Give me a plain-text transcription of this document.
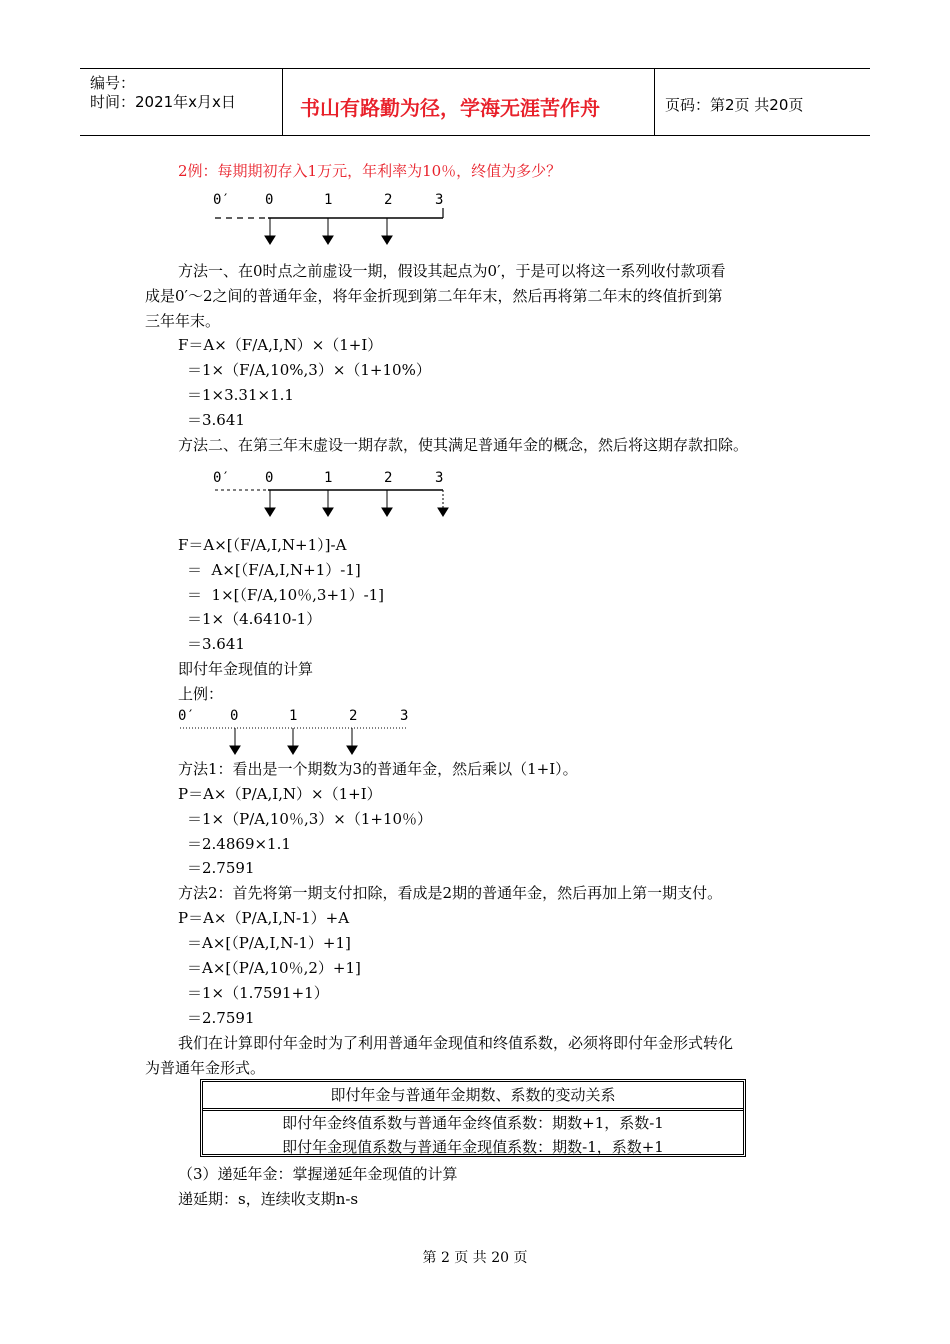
编号：
时间：2021年x月x日	书山有路勤为径，学海无涯苦作舟	页码：第2页 共20页
2例：每期期初存入1万元，年利率为10％，终值为多少？
0′	0	1	2	3
方法一、在0时点之前虚设一期，假设其起点为0′，于是可以将这一系列收付款项看
成是0′～2之间的普通年金，将年金折现到第二年年末，然后再将第二年末的终值折到第
三年年末。
F＝A×（F/A,I,N）×（1+I）
＝1×（F/A,10%,3）×（1+10%）
＝1×3.31×1.1
＝3.641
方法二、在第三年末虚设一期存款，使其满足普通年金的概念，然后将这期存款扣除。
0′	0	1	2	3
F＝A×[（F/A,I,N+1）]-A
＝  A×[（F/A,I,N+1）-1]
＝  1×[（F/A,10％,3+1）-1]
＝1×（4.6410-1）
＝3.641
即付年金现值的计算
上例：
0′	0	1	2	3
方法1：看出是一个期数为3的普通年金，然后乘以（1+I）。
P＝A×（P/A,I,N）×（1+I）
＝1×（P/A,10％,3）×（1+10％）
＝2.4869×1.1
＝2.7591
方法2：首先将第一期支付扣除，看成是2期的普通年金，然后再加上第一期支付。
P＝A×（P/A,I,N-1）+A
＝A×[（P/A,I,N-1）+1]
＝A×[（P/A,10％,2）+1]
＝1×（1.7591+1）
＝2.7591
我们在计算即付年金时为了利用普通年金现值和终值系数，必须将即付年金形式转化
为普通年金形式。
即付年金与普通年金期数、系数的变动关系
即付年金终值系数与普通年金终值系数：期数+1，系数-1
即付年金现值系数与普通年金现值系数：期数-1，系数+1
（3）递延年金：掌握递延年金现值的计算
递延期：s，连续收支期n-s
第 2 页 共 20 页
